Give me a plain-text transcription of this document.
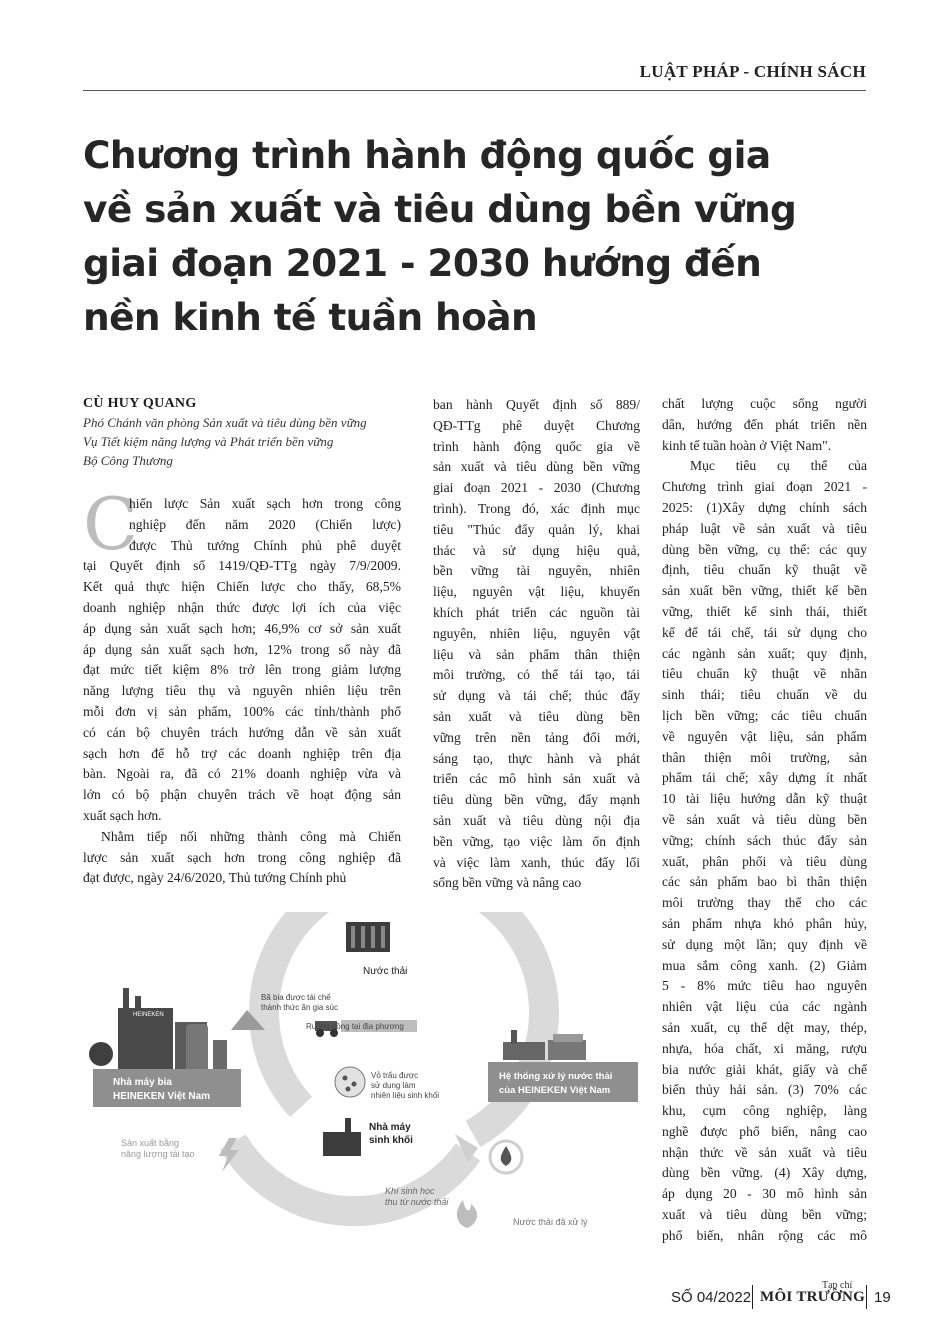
LUẬT PHÁP - CHÍNH SÁCH
Chương trình hành động quốc gia
về sản xuất và tiêu dùng bền vững
giai đoạn 2021 - 2030 hướng đến
nền kinh tế tuần hoàn
CÙ HUY QUANG
Phó Chánh văn phòng Sản xuất và tiêu dùng bền vững
Vụ Tiết kiệm năng lượng và Phát triển bền vững
Bộ Công Thương
C
hiến lược Sản xuất sạch hơn trong công
nghiệp đến năm 2020 (Chiến lược)
được Thủ tướng Chính phủ phê duyệt
tại Quyết định số 1419/QĐ-TTg ngày 7/9/2009.
Kết quả thực hiện Chiến lược cho thấy, 68,5%
doanh nghiệp nhận thức được lợi ích của việc
áp dụng sản xuất sạch hơn; 46,9% cơ sở sản xuất
áp dụng sản xuất sạch hơn, 12% trong số này đã
đạt mức tiết kiệm 8% trở lên trong giảm lượng
năng lượng tiêu thụ và nguyên nhiên liệu trên
mỗi đơn vị sản phẩm, 100% các tỉnh/thành phố
có cán bộ chuyên trách hướng dẫn về sản xuất
sạch hơn để hỗ trợ các doanh nghiệp trên địa
bàn. Ngoài ra, đã có 21% doanh nghiệp vừa và
lớn có bộ phận chuyên trách về hoạt động sản
xuất sạch hơn.
Nhằm tiếp nối những thành công mà Chiến
lược sản xuất sạch hơn trong công nghiệp đã
đạt được, ngày 24/6/2020, Thủ tướng Chính phủ
ban hành Quyết định số 889/
QĐ-TTg phê duyệt Chương
trình hành động quốc gia về
sản xuất và tiêu dùng bền vững
giai đoạn 2021 - 2030 (Chương
trình). Trong đó, xác định mục
tiêu "Thúc đẩy quản lý, khai
thác và sử dụng hiệu quả,
bền vững tài nguyên, nhiên
liệu, nguyên vật liệu, khuyến
khích phát triển các nguồn tài
nguyên, nhiên liệu, nguyên vật
liệu và sản phẩm thân thiện
môi trường, có thể tái tạo, tái
sử dụng và tái chế; thúc đẩy
sản xuất và tiêu dùng bền
vững trên nền tảng đổi mới,
sáng tạo, thực hành và phát
triển các mô hình sản xuất và
tiêu dùng bền vững, đẩy mạnh
sản xuất và tiêu dùng nội địa
bền vững, tạo việc làm ổn định
và việc làm xanh, thúc đẩy lối
sống bền vững và nâng cao
chất lượng cuộc sống người
dân, hướng đến phát triển nền
kinh tế tuần hoàn ở Việt Nam".
Mục tiêu cụ thể của
Chương trình giai đoạn 2021 -
2025: (1)Xây dựng chính sách
pháp luật về sản xuất và tiêu
dùng bền vững, cụ thể: các quy
định, tiêu chuẩn kỹ thuật về
sản xuất bền vững, thiết kế bền
vững, thiết kế sinh thái, thiết
kế để tái chế, tái sử dụng cho
các ngành sản xuất; quy định,
tiêu chuẩn kỹ thuật về nhãn
sinh thái; tiêu chuẩn về du
lịch bền vững; các tiêu chuẩn
về nguyên vật liệu, sản phẩm
thân thiện môi trường, sản
phẩm tái chế; xây dựng ít nhất
10 tài liệu hướng dẫn kỹ thuật
về sản xuất và tiêu dùng bền
vững; chính sách thúc đẩy sản
xuất, phân phối và tiêu dùng
các sản phẩm bao bì thân thiện
môi trường thay thế cho các
sản phẩm nhựa khó phân hủy,
sử dụng một lần; quy định về
mua sắm công xanh. (2) Giảm
5 - 8% mức tiêu hao nguyên
nhiên vật liệu của các ngành
sản xuất, cụ thể dệt may, thép,
nhựa, hóa chất, xi măng, rượu
bia nước giải khát, giấy và chế
biến thủy hải sản. (3) 70% các
khu, cụm công nghiệp, làng
nghề được phổ biến, nâng cao
nhận thức về sản xuất và tiêu
dùng bền vững. (4) Xây dựng,
áp dụng 20 - 30 mô hình sản
xuất và tiêu dùng bền vững;
phổ biến, nhân rộng các mô
Nước thải
HEINEKEN
Nhà máy bia HEINEKEN Việt Nam
Bã bia được tái chế thành thức ăn gia súc
Ruộng đồng tại địa phương
Vỏ trấu được sử dụng làm nhiên liệu sinh khối
Nhà máy sinh khối
Sản xuất bằng năng lượng tái tạo
Khí sinh học thu từ nước thải
Hệ thống xử lý nước thải của HEINEKEN Việt Nam
Nước thải đã xử lý
Tạp chí
SỐ 04/2022 MÔI TRƯỜNG 19
